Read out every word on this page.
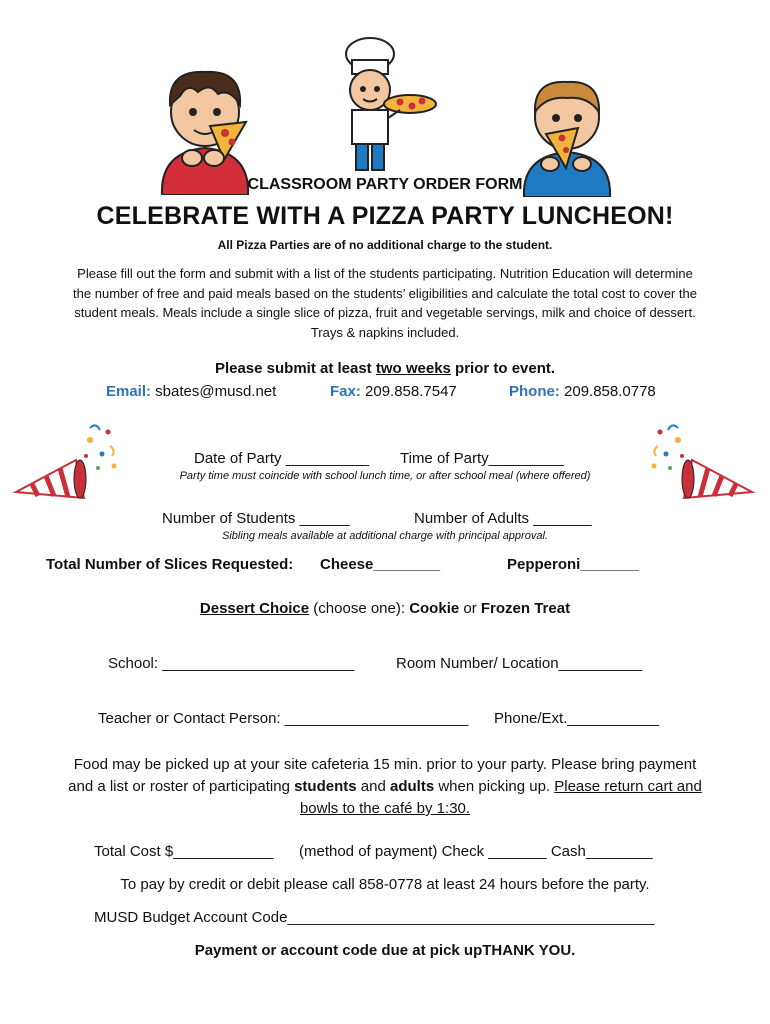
CLASSROOM PARTY ORDER FORM
CELEBRATE WITH A PIZZA PARTY LUNCHEON!
All Pizza Parties are of no additional charge to the student.
Please fill out the form and submit with a list of the students participating. Nutrition Education will determine
the number of free and paid meals based on the students’ eligibilities and calculate the total cost to cover the
student meals. Meals include a single slice of pizza, fruit and vegetable servings, milk and choice of dessert.
Trays & napkins included.
Please submit at least two weeks prior to event.
Email: sbates@musd.net	Fax: 209.858.7547	Phone: 209.858.0778
Date of Party __________ Time of Party_________
Party time must coincide with school lunch time, or after school meal (where offered)
Number of Students ______	Number of Adults _______
Sibling meals available at additional charge with principal approval.
Total Number of Slices Requested: Cheese________	Pepperoni_______
Dessert Choice (choose one): Cookie or Frozen Treat
School: _______________________	Room Number/ Location__________
Teacher or Contact Person: ______________________ Phone/Ext.___________
Food may be picked up at your site cafeteria 15 min. prior to your party. Please bring payment
and a list or roster of participating students and adults when picking up. Please return cart and
bowls to the café by 1:30.
Total Cost $____________ (method of payment) Check _______ Cash________
To pay by credit or debit please call 858-0778 at least 24 hours before the party.
MUSD Budget Account Code____________________________________________
Payment or account code due at pick upTHANK YOU.
